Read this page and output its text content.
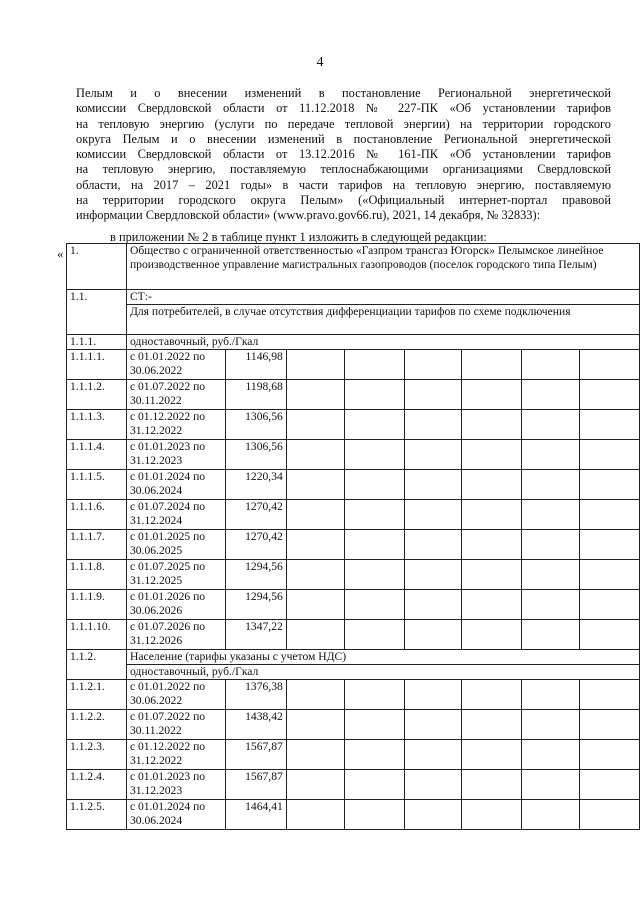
4
Пелым и о внесении изменений в постановление Региональной энергетической
комиссии Свердловской области от 11.12.2018 № 227-ПК «Об установлении тарифов
на тепловую энергию (услуги по передаче тепловой энергии) на территории городского
округа Пелым и о внесении изменений в постановление Региональной энергетической
комиссии Свердловской области от 13.12.2016 № 161-ПК «Об установлении тарифов
на тепловую энергию, поставляемую теплоснабжающими организациями Свердловской
области, на 2017 – 2021 годы» в части тарифов на тепловую энергию, поставляемую
на территории городского округа Пелым» («Официальный интернет-портал правовой
информации Свердловской области» (www.pravo.gov66.ru), 2021, 14 декабря, № 32833):
в приложении № 2 в таблице пункт 1 изложить в следующей редакции:
« 1.	Общество с ограниченной ответственностью «Газпром трансгаз Югорск» Пелымское линейное производственное управление магистральных газопроводов (поселок городского типа Пелым)							
1.1.	СТ:-							
	Для потребителей, в случае отсутствия дифференциации тарифов по схеме подключения							
1.1.1.	одноставочный, руб./Гкал							
1.1.1.1.	с 01.01.2022 по 30.06.2022	1146,98						
1.1.1.2.	с 01.07.2022 по 30.11.2022	1198,68						
1.1.1.3.	с 01.12.2022 по 31.12.2022	1306,56						
1.1.1.4.	с 01.01.2023 по 31.12.2023	1306,56						
1.1.1.5.	с 01.01.2024 по 30.06.2024	1220,34						
1.1.1.6.	с 01.07.2024 по 31.12.2024	1270,42						
1.1.1.7.	с 01.01.2025 по 30.06.2025	1270,42						
1.1.1.8.	с 01.07.2025 по 31.12.2025	1294,56						
1.1.1.9.	с 01.01.2026 по 30.06.2026	1294,56						
1.1.1.10.	с 01.07.2026 по 31.12.2026	1347,22						
1.1.2.	Население (тарифы указаны с учетом НДС)							
	одноставочный, руб./Гкал							
1.1.2.1.	с 01.01.2022 по 30.06.2022	1376,38						
1.1.2.2.	с 01.07.2022 по 30.11.2022	1438,42						
1.1.2.3.	с 01.12.2022 по 31.12.2022	1567,87						
1.1.2.4.	с 01.01.2023 по 31.12.2023	1567,87						
1.1.2.5.	с 01.01.2024 по 30.06.2024	1464,41						
